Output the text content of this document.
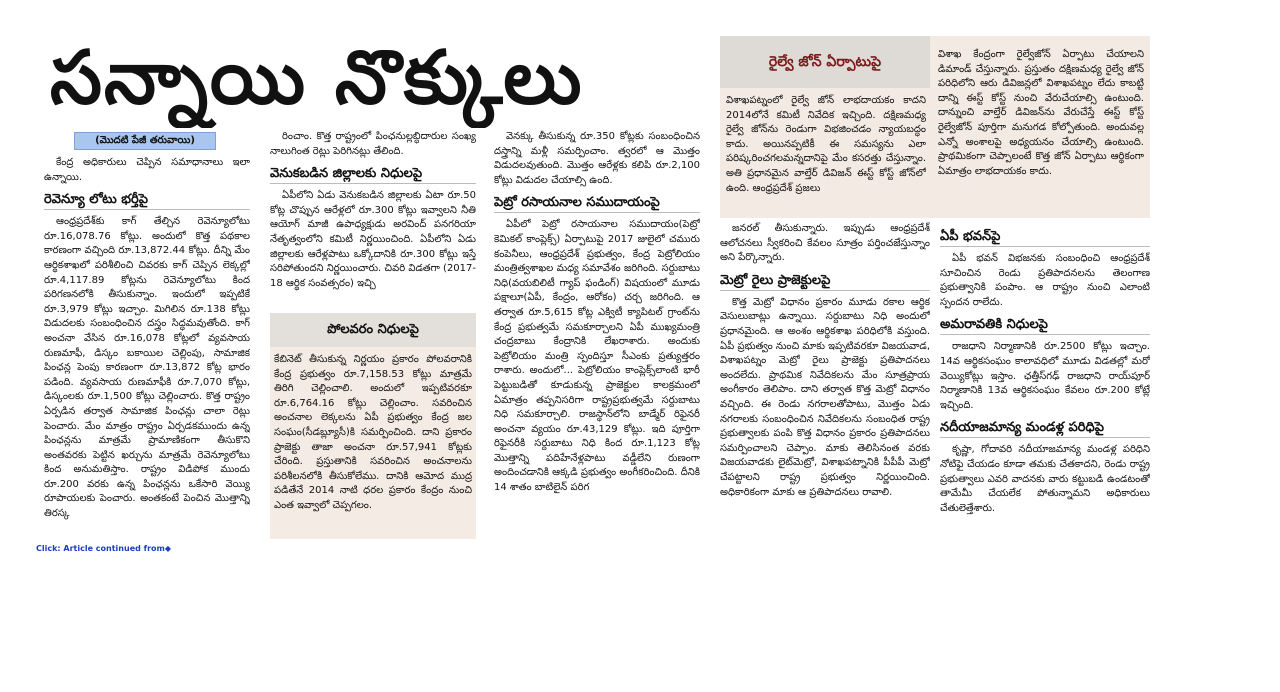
సన్నాయి నొక్కులు
(మొదటి పేజీ తరువాయి)

కేంద్ర అధికారులు చెప్పిన సమాధానాలు ఇలా ఉన్నాయి.

రెవెన్యూ లోటు భర్తీపై

ఆంధ్రప్రదేశ్‌కు కాగ్ తేల్చిన రెవెన్యూలోటు రూ.16,078.76 కోట్లు. అందులో కొత్త పథకాల కారణంగా వచ్చింది రూ.13,872.44 కోట్లు. దీన్ని మేం ఆర్థికశాఖలో పరిశీలించి చివరకు కాగ్ చెప్పిన లెక్కల్లో రూ.4,117.89 కోట్లను రెవెన్యూలోటు కింద పరిగణనలోకి తీసుకున్నాం. ఇందులో ఇప్పటికే రూ.3,979 కోట్లు ఇచ్చాం. మిగిలిన రూ.138 కోట్లు విడుదలకు సంబంధించిన దస్త్రం సిద్ధమవుతోంది. కాగ్ అంచనా వేసిన రూ.16,078 కోట్లలో వ్యవసాయ రుణమాఫీ, డిస్కం బకాయిల చెల్లింపు, సామాజిక పింఛన్ల పెంపు కారణంగా రూ.13,872 కోట్ల భారం పడింది. వ్యవసాయ రుణమాఫీకి రూ.7,070 కోట్లు, డిస్కంలకు రూ.1,500 కోట్లు చెల్లించారు. కొత్త రాష్ట్రం ఏర్పడిన తర్వాత సామాజిక పింఛన్లు చాలా రెట్లు పెంచారు. మేం మాత్రం రాష్ట్రం ఏర్పడకముందు ఉన్న పింఛన్లను మాత్రమే ప్రామాణికంగా తీసుకొని అంతవరకు పెట్టిన ఖర్చును మాత్రమే రెవెన్యూలోటు కింద అనుమతిస్తాం. రాష్ట్రం విడిపోక ముందు రూ.200 వరకు ఉన్న పింఛన్లను ఒకేసారి వెయ్యి రూపాయలకు పెంచారు. అంతకంటే పెంచిన మొత్తాన్ని తిరస్క

రించాం. కొత్త రాష్ట్రంలో పింఛనుల్లబ్ధిదారుల సంఖ్య నాలుగింత రెట్లు పెరిగినట్లు తేలింది.

వెనుకబడిన జిల్లాలకు నిధులపై

ఏపీలోని ఏడు వెనుకబడిన జిల్లాలకు ఏటా రూ.50 కోట్ల చొప్పున ఆరేళ్లలో రూ.300 కోట్లు ఇవ్వాలని నీతి ఆయోగ్ మాజీ ఉపాధ్యక్షుడు అరవింద్ పనగరియా నేతృత్వంలోని కమిటీ నిర్ణయించింది. ఏపీలోని ఏడు జిల్లాలకు ఆరేళ్లపాటు ఒక్కోదానికి రూ.300 కోట్లు ఇస్తే సరిపోతుందని నిర్ణయించారు. చివరి విడతగా (2017-18 ఆర్థిక సంవత్సరం) ఇచ్చి

పోలవరం నిధులపై
కేబినెట్ తీసుకున్న నిర్ణయం ప్రకారం పోలవరానికి కేంద్ర ప్రభుత్వం రూ.7,158.53 కోట్లు మాత్రమే తిరిగి చెల్లించాలి. అందులో ఇప్పటివరకూ రూ.6,764.16 కోట్లు చెల్లించాం. సవరించిన అంచనాల లెక్కలను ఏపీ ప్రభుత్వం కేంద్ర జల సంఘం(సీడబ్ల్యూసీ)కి సమర్పించింది. దాని ప్రకారం ప్రాజెక్టు తాజా అంచనా రూ.57,941 కోట్లకు చేరింది. ప్రస్తుతానికి సవరించిన అంచనాలను పరిశీలనలోకి తీసుకోలేము. దానికి ఆమోద ముద్ర పడితేనే 2014 నాటి ధరల ప్రకారం కేంద్రం నుంచి ఎంత ఇవ్వాలో చెప్పగలం.

వెనక్కు తీసుకున్న రూ.350 కోట్లకు సంబంధించిన దస్త్రాన్ని మళ్లీ సమర్పించాం. త్వరలో ఆ మొత్తం విడుదలవుతుంది. మొత్తం ఆరేళ్లకు కలిపి రూ.2,100 కోట్లు విడుదల చేయాల్సి ఉంది.

పెట్రో రసాయనాల సముదాయంపై

ఏపీలో పెట్రో రసాయనాల సముదాయం(పెట్రో కెమికల్ కాంప్లెక్స్) ఏర్పాటుపై 2017 జులైలో చమురు కంపెనీలు, ఆంధ్రప్రదేశ్ ప్రభుత్వం, కేంద్ర పెట్రోలియం మంత్రిత్వశాఖల మధ్య సమావేశం జరిగింది. సర్దుబాటు నిధి(వయబిలిటీ గ్యాప్ ఫండింగ్) విషయంలో మూడు పక్షాలూ(ఏపీ, కేంద్రం, ఆరోకం) చర్చ జరిగింది. ఆ తర్వాత రూ.5,615 కోట్ల ఎక్విటీ క్యాపిటల్ గ్రాంట్‌ను కేంద్ర ప్రభుత్వమే సమకూర్చాలని ఏపీ ముఖ్యమంత్రి చంద్రబాబు కేంద్రానికి లేఖరాశారు. అందుకు పెట్రోలియం మంత్రి స్పందిస్తూ సీఎంకు ప్రత్యుత్తరం రాశారు. అందులో... పెట్రోలియం కాంప్లెక్స్‌లాంటి భారీ పెట్టుబడితో కూడుకున్న ప్రాజెక్టుల కాలక్రమంలో ఏమాత్రం తప్పనిసరిగా రాష్ట్రప్రభుత్వమే సర్దుబాటు నిధి సమకూర్చాలి. రాజస్థాన్‌లోని బాడ్మేర్ రిఫైనరీ అంచనా వ్యయం రూ.43,129 కోట్లు. ఇది పూర్తిగా రిఫైనరీకి సర్దుబాటు నిధి కింద రూ.1,123 కోట్ల మొత్తాన్ని పదిహేనేళ్లపాటు వడ్డీలేని రుణంగా అందించడానికి ఆక్కడి ప్రభుత్వం అంగీకరించింది. దీనికి 14 శాతం బాటిలైన్ పరిగ

రైల్వే జోన్ ఏర్పాటుపై
విశాఖపట్నంలో రైల్వే జోన్ లాభదాయకం కాదని 2014లోనే కమిటీ నివేదిక ఇచ్చింది. దక్షిణమధ్య రైల్వే జోన్‌ను రెండుగా విభజించడం న్యాయబద్ధం కాదు. అయినప్పటికీ ఈ సమస్యను ఎలా పరిష్కరించగలమన్నదానిపై మేం కసరత్తు చేస్తున్నాం. అతి ప్రధానమైన వాల్తేర్ డివిజన్ ఈస్ట్ కోస్ట్ జోన్‌లో ఉంది. ఆంధ్రప్రదేశ్ ప్రజలు
విశాఖ కేంద్రంగా రైల్వేజోన్ ఏర్పాటు చేయాలని డిమాండ్ చేస్తున్నారు. ప్రస్తుతం దక్షిణమధ్య రైల్వే జోన్ పరిధిలోని ఆరు డివిజన్లలో విశాఖపట్నం లేదు కాబట్టి దాన్ని ఈస్ట్ కోస్ట్ నుంచి వేరుచేయాల్సి ఉంటుంది. దాన్నుంచి వాల్తేర్ డివిజన్‌ను వేరుచేస్తే ఈస్ట్ కోస్ట్ రైల్వేజోన్ పూర్తిగా మనుగడ కోల్పోతుంది. అందువల్ల ఎన్నో అంశాలపై అధ్యయనం చేయాల్సి ఉంటుంది. ప్రాథమికంగా చెప్పాలంటే కొత్త జోన్ ఏర్పాటు ఆర్థికంగా ఏమాత్రం లాభదాయకం కాదు.

జనరల్‌ తీసుకున్నారు. ఇప్పుడు ఆంధ్రప్రదేశ్ ఆలోచనలు స్వీకరించి కేవలం సూత్రం పర్తించజేస్తున్నాం అని పేర్కొన్నారు.

మెట్రో రైలు ప్రాజెక్టులపై

కొత్త మెట్రో విధానం ప్రకారం మూడు రకాల ఆర్థిక వెసులుబాట్లు ఉన్నాయి. సర్దుబాటు నిధి అందులో ప్రధానమైంది. ఆ అంశం ఆర్థికశాఖ పరిధిలోకి వస్తుంది. ఏపీ ప్రభుత్వం నుంచి మాకు ఇప్పటివరకూ విజయవాడ, విశాఖపట్నం మెట్రో రైలు ప్రాజెక్టు ప్రతిపాదనలు అందలేదు. ప్రాథమిక నివేదికలను మేం సూత్రప్రాయ అంగీకారం తెలిపాం. దాని తర్వాత కొత్త మెట్రో విధానం వచ్చింది. ఈ రెండు నగరాలతోపాటు, మొత్తం ఏడు నగరాలకు సంబంధించిన నివేదికలను సంబంధిత రాష్ట్ర ప్రభుత్వాలకు పంపి కొత్త విధానం ప్రకారం ప్రతిపాదనలు సమర్పించాలని చెప్పాం. మాకు తెలిసినంత వరకు విజయవాడకు లైట్‌మెట్రో, విశాఖపట్నానికి పీపీపీ మెట్రో చేపట్టాలని రాష్ట్ర ప్రభుత్వం నిర్ణయించింది. అధికారికంగా మాకు ఆ ప్రతిపాదనలు రావాలి.

ఏపీ భవన్‌పై

ఏపీ భవన్ విభజనకు సంబంధించి ఆంధ్రప్రదేశ్ సూచించిన రెండు ప్రతిపాదనలను తెలంగాణ ప్రభుత్వానికి పంపాం. ఆ రాష్ట్రం నుంచి ఎలాంటి స్పందన రాలేదు.

అమరావతికి నిధులపై

రాజధాని నిర్మాణానికి రూ.2500 కోట్లు ఇచ్చాం. 14వ ఆర్థికసంఘం కాలావధిలో మూడు విడతల్లో మరో వెయ్యికోట్లు ఇస్తాం. ఛత్తీస్‌గఢ్ రాజధాని రాయ్‌పూర్ నిర్మాణానికి 13వ ఆర్థికసంఘం కేవలం రూ.200 కోట్లే ఇచ్చింది.

నదీయాజమాన్య మండళ్ల పరిధిపై

కృష్ణా, గోదావరి నదీయాజమాన్య మండళ్ల పరిధిని నోటిఫై చేయడం కూడా తమకు చేతకాదని, రెండు రాష్ట్ర ప్రభుత్వాలు ఎవరి వాదనకు వారు కట్టుబడి ఉండటంతో తామేమీ చేయలేక పోతున్నామని అధికారులు చేతులెత్తేశారు.

Click: Article continued from◆
